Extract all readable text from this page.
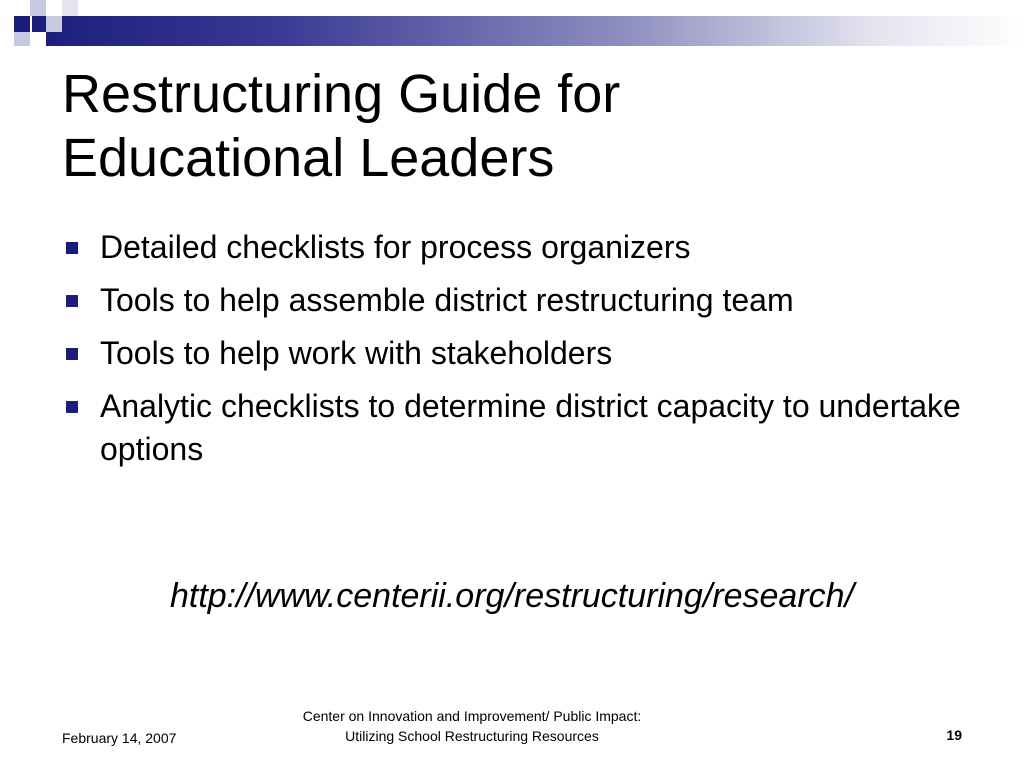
Restructuring Guide for
Educational Leaders
Detailed checklists for process organizers
Tools to help assemble district restructuring team
Tools to help work with stakeholders
Analytic checklists to determine district capacity to undertake options
http://www.centerii.org/restructuring/research/
February 14, 2007
Center on Innovation and Improvement/ Public Impact:
Utilizing School Restructuring Resources	19
